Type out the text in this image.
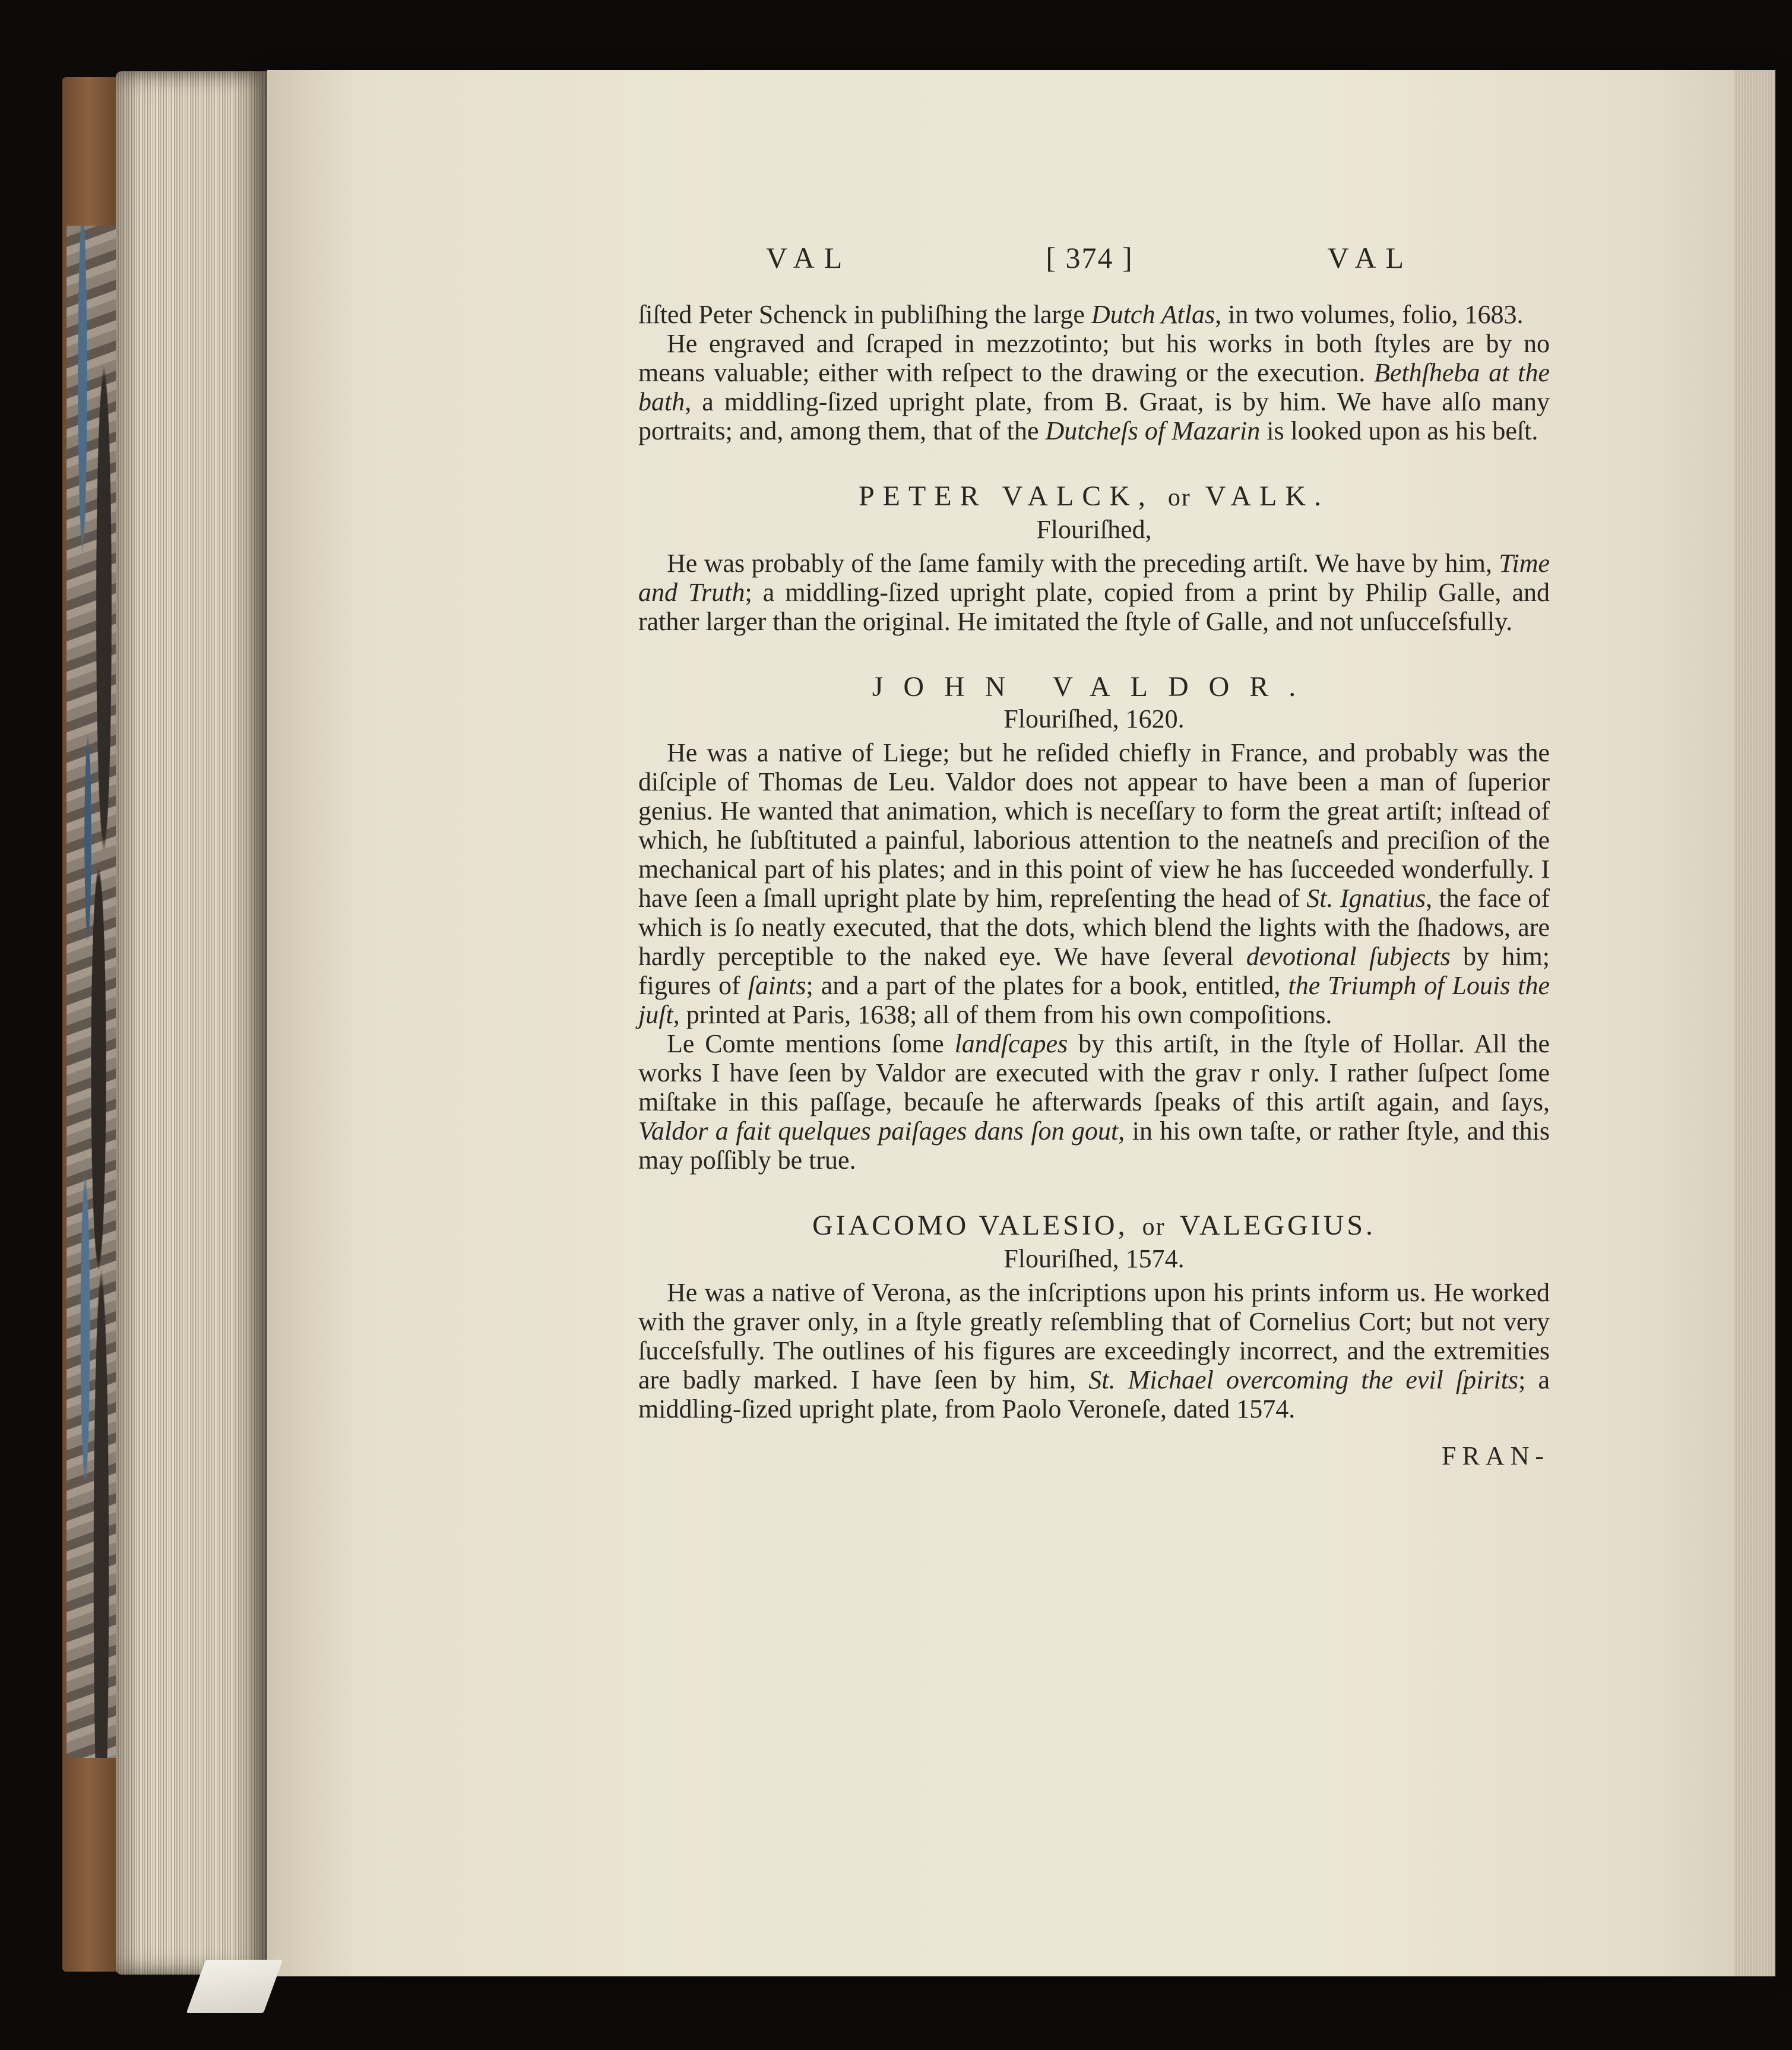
VAL	[ 374 ]	VAL

ſiſted Peter Schenck in publiſhing the large Dutch Atlas, in two volumes, folio, 1683.

He engraved and ſcraped in mezzotinto; but his works in both ſtyles are by no means valuable; either with reſpect to the drawing or the execution. Bethſheba at the bath, a middling-ſized upright plate, from B. Graat, is by him. We have alſo many portraits; and, among them, that of the Dutcheſs of Mazarin is looked upon as his beſt.

PETER VALCK, or VALK.
Flouriſhed,

He was probably of the ſame family with the preceding artiſt. We have by him, Time and Truth; a middling-ſized upright plate, copied from a print by Philip Galle, and rather larger than the original. He imitated the ſtyle of Galle, and not unſucceſsfully.

JOHN VALDOR.
Flouriſhed, 1620.

He was a native of Liege; but he reſided chiefly in France, and probably was the diſciple of Thomas de Leu. Valdor does not appear to have been a man of ſuperior genius. He wanted that animation, which is neceſſary to form the great artiſt; inſtead of which, he ſubſtituted a painful, laborious attention to the neatneſs and preciſion of the mechanical part of his plates; and in this point of view he has ſucceeded wonderfully. I have ſeen a ſmall upright plate by him, repreſenting the head of St. Ignatius, the face of which is ſo neatly executed, that the dots, which blend the lights with the ſhadows, are hardly perceptible to the naked eye. We have ſeveral devotional ſubjects by him; figures of ſaints; and a part of the plates for a book, entitled, the Triumph of Louis the juſt, printed at Paris, 1638; all of them from his own compoſitions.

Le Comte mentions ſome landſcapes by this artiſt, in the ſtyle of Hollar. All the works I have ſeen by Valdor are executed with the grav r only. I rather ſuſpect ſome miſtake in this paſſage, becauſe he afterwards ſpeaks of this artiſt again, and ſays, Valdor a fait quelques paiſages dans ſon gout, in his own taſte, or rather ſtyle, and this may poſſibly be true.

GIACOMO VALESIO, or VALEGGIUS.
Flouriſhed, 1574.

He was a native of Verona, as the inſcriptions upon his prints inform us. He worked with the graver only, in a ſtyle greatly reſembling that of Cornelius Cort; but not very ſucceſsfully. The outlines of his figures are exceedingly incorrect, and the extremities are badly marked. I have ſeen by him, St. Michael overcoming the evil ſpirits; a middling-ſized upright plate, from Paolo Veroneſe, dated 1574.

FRAN-
